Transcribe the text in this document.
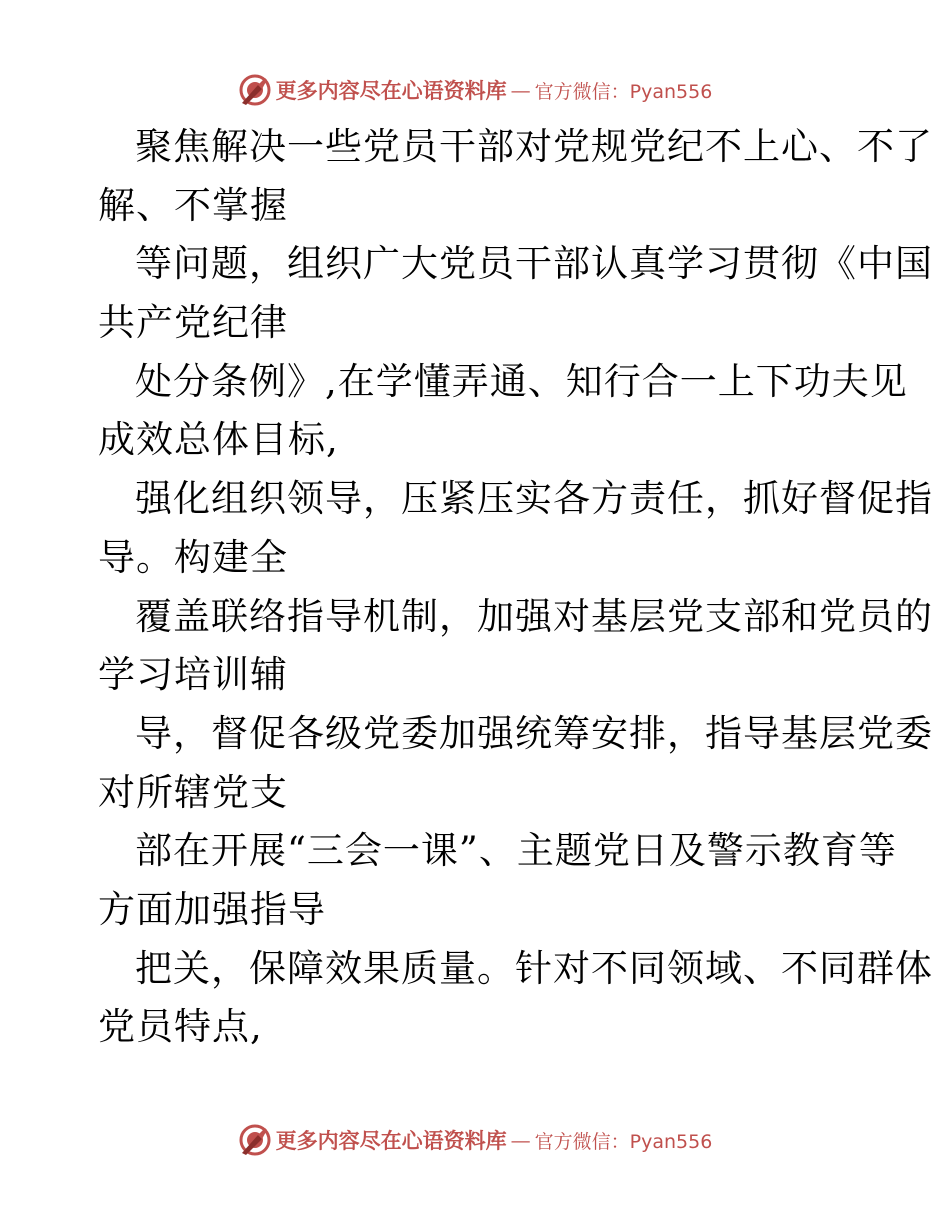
更多内容尽在心语资料库 — 官方微信：Pyan556
聚焦解决一些党员干部对党规党纪不上心、不了
解、不掌握
等问题，组织广大党员干部认真学习贯彻《中国
共产党纪律
处分条例》,在学懂弄通、知行合一上下功夫见
成效总体目标,
强化组织领导，压紧压实各方责任，抓好督促指
导。构建全
覆盖联络指导机制，加强对基层党支部和党员的
学习培训辅
导，督促各级党委加强统筹安排，指导基层党委
对所辖党支
部在开展“三会一课”、主题党日及警示教育等
方面加强指导
把关，保障效果质量。针对不同领域、不同群体
党员特点,
更多内容尽在心语资料库 — 官方微信：Pyan556
